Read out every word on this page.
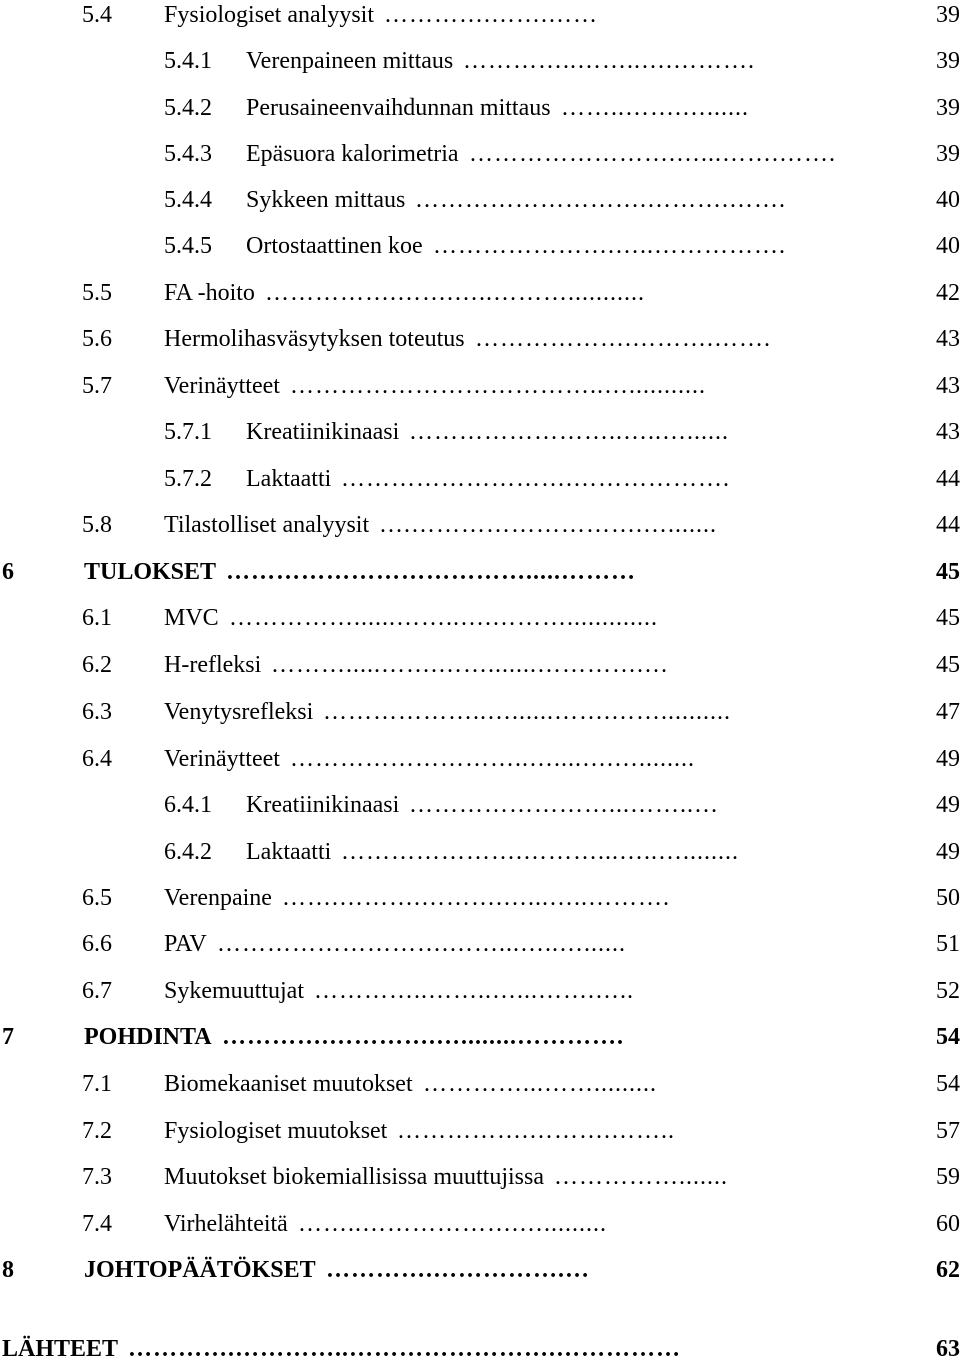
5.4 Fysiologiset analyysit ………….…….……	39
5.4.1 Verenpaineen mittaus …………..……..….……….	39
5.4.2 Perusaineenvaihdunnan mittaus ……..…….…......	39
5.4.3 Epäsuora kalorimetria …………………….…...…….…….	39
5.4.4 Sykkeen mittaus ……………………….……….…….	40
5.4.5 Ortostaattinen koe ………………….…..…………….	40
5.5 FA -hoito …………….…….…..………...........	42
5.6 Hermolihasväsytyksen toteutus ……………….……….…….	43
5.7 Verinäytteet ………………………………..…...........	43
5.7.1 Kreatiinikinaasi ……………………..…..…......	43
5.7.2 Laktaatti ……………………….……………….	44
5.8 Tilastolliset analyysit ….……………………….….......	44
6	TULOKSET ……………………………….....………	45
6.1 MVC ……………......……..….……….............	45
6.2 H-refleksi ……….....…….…….......………….…	45
6.3 Venytysrefleksi ………………..…......…….……..........	47
6.4 Verinäytteet ………………………..…....….…........	49
6.4.1 Kreatiinikinaasi ……………………...……..…	49
6.4.2 Laktaatti ………………….………...…..…........	49
6.5 Verenpaine …….……….……….…...…..……….	50
6.6 PAV ……………………….……...…..…......	51
6.7 Sykemuuttujat …………..……..…...…….…..	52
7	POHDINTA ………….………….…........………….	54
7.1 Biomekaaniset muutokset …………...…….........	54
7.2 Fysiologiset muutokset …………….……….……..	57
7.3 Muutokset biokemiallisissa muuttujissa …………….......	59
7.4 Virhelähteitä ……..……………….….........	60
8	JOHTOPÄÄTÖKSET ………….…………….…	62
LÄHTEET ………….…………..…………………….……………	63
